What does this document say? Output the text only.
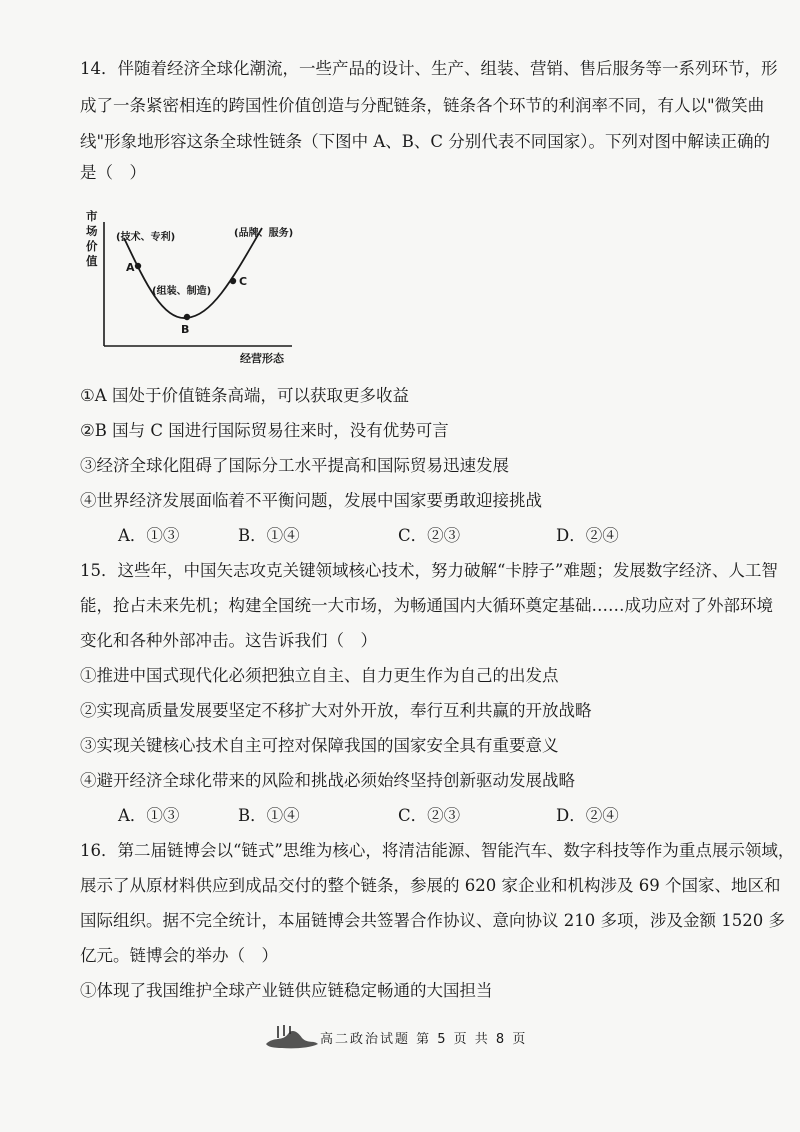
14．伴随着经济全球化潮流，一些产品的设计、生产、组装、营销、售后服务等一系列环节，形
成了一条紧密相连的跨国性价值创造与分配链条，链条各个环节的利润率不同，有人以"微笑曲
线"形象地形容这条全球性链条（下图中 A、B、C 分别代表不同国家）。下列对图中解读正确的
是（　）
市
场
价
值
经营形态
A
B
C
(技术、专利)	(品牌、服务)
(组装、制造)
①A 国处于价值链条高端，可以获取更多收益
②B 国与 C 国进行国际贸易往来时，没有优势可言
③经济全球化阻碍了国际分工水平提高和国际贸易迅速发展
④世界经济发展面临着不平衡问题，发展中国家要勇敢迎接挑战
A．①③	B．①④	C．②③	D．②④
15．这些年，中国矢志攻克关键领域核心技术，努力破解“卡脖子”难题；发展数字经济、人工智
能，抢占未来先机；构建全国统一大市场，为畅通国内大循环奠定基础……成功应对了外部环境
变化和各种外部冲击。这告诉我们（　）
①推进中国式现代化必须把独立自主、自力更生作为自己的出发点
②实现高质量发展要坚定不移扩大对外开放，奉行互利共赢的开放战略
③实现关键核心技术自主可控对保障我国的国家安全具有重要意义
④避开经济全球化带来的风险和挑战必须始终坚持创新驱动发展战略
A．①③	B．①④	C．②③	D．②④
16．第二届链博会以“链式”思维为核心，将清洁能源、智能汽车、数字科技等作为重点展示领域，
展示了从原材料供应到成品交付的整个链条，参展的 620 家企业和机构涉及 69 个国家、地区和
国际组织。据不完全统计，本届链博会共签署合作协议、意向协议 210 多项，涉及金额 1520 多
亿元。链博会的举办（　）
①体现了我国维护全球产业链供应链稳定畅通的大国担当
高二政治试题 第 5 页 共 8 页
